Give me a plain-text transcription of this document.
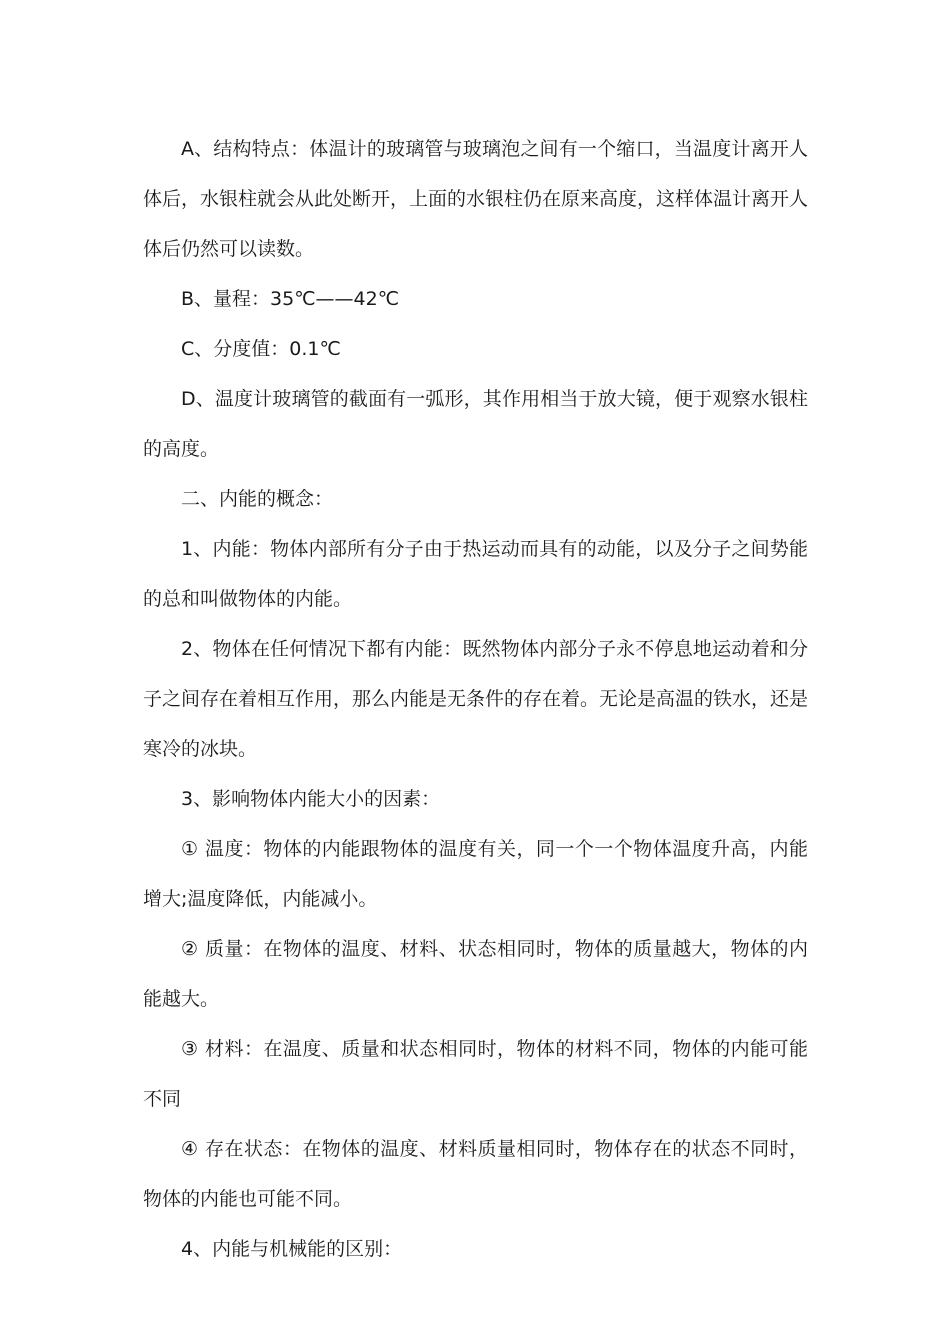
A、结构特点：体温计的玻璃管与玻璃泡之间有一个缩口，当温度计离开人体后，水银柱就会从此处断开，上面的水银柱仍在原来高度，这样体温计离开人体后仍然可以读数。

B、量程：35℃——42℃

C、分度值：0.1℃

D、温度计玻璃管的截面有一弧形，其作用相当于放大镜，便于观察水银柱的高度。

二、内能的概念：

1、内能：物体内部所有分子由于热运动而具有的动能，以及分子之间势能的总和叫做物体的内能。

2、物体在任何情况下都有内能：既然物体内部分子永不停息地运动着和分子之间存在着相互作用，那么内能是无条件的存在着。无论是高温的铁水，还是寒冷的冰块。

3、影响物体内能大小的因素：

① 温度：物体的内能跟物体的温度有关，同一个一个物体温度升高，内能增大;温度降低，内能减小。

② 质量：在物体的温度、材料、状态相同时，物体的质量越大，物体的内能越大。

③ 材料：在温度、质量和状态相同时，物体的材料不同，物体的内能可能不同

④ 存在状态：在物体的温度、材料质量相同时，物体存在的状态不同时，物体的内能也可能不同。

4、内能与机械能的区别：
